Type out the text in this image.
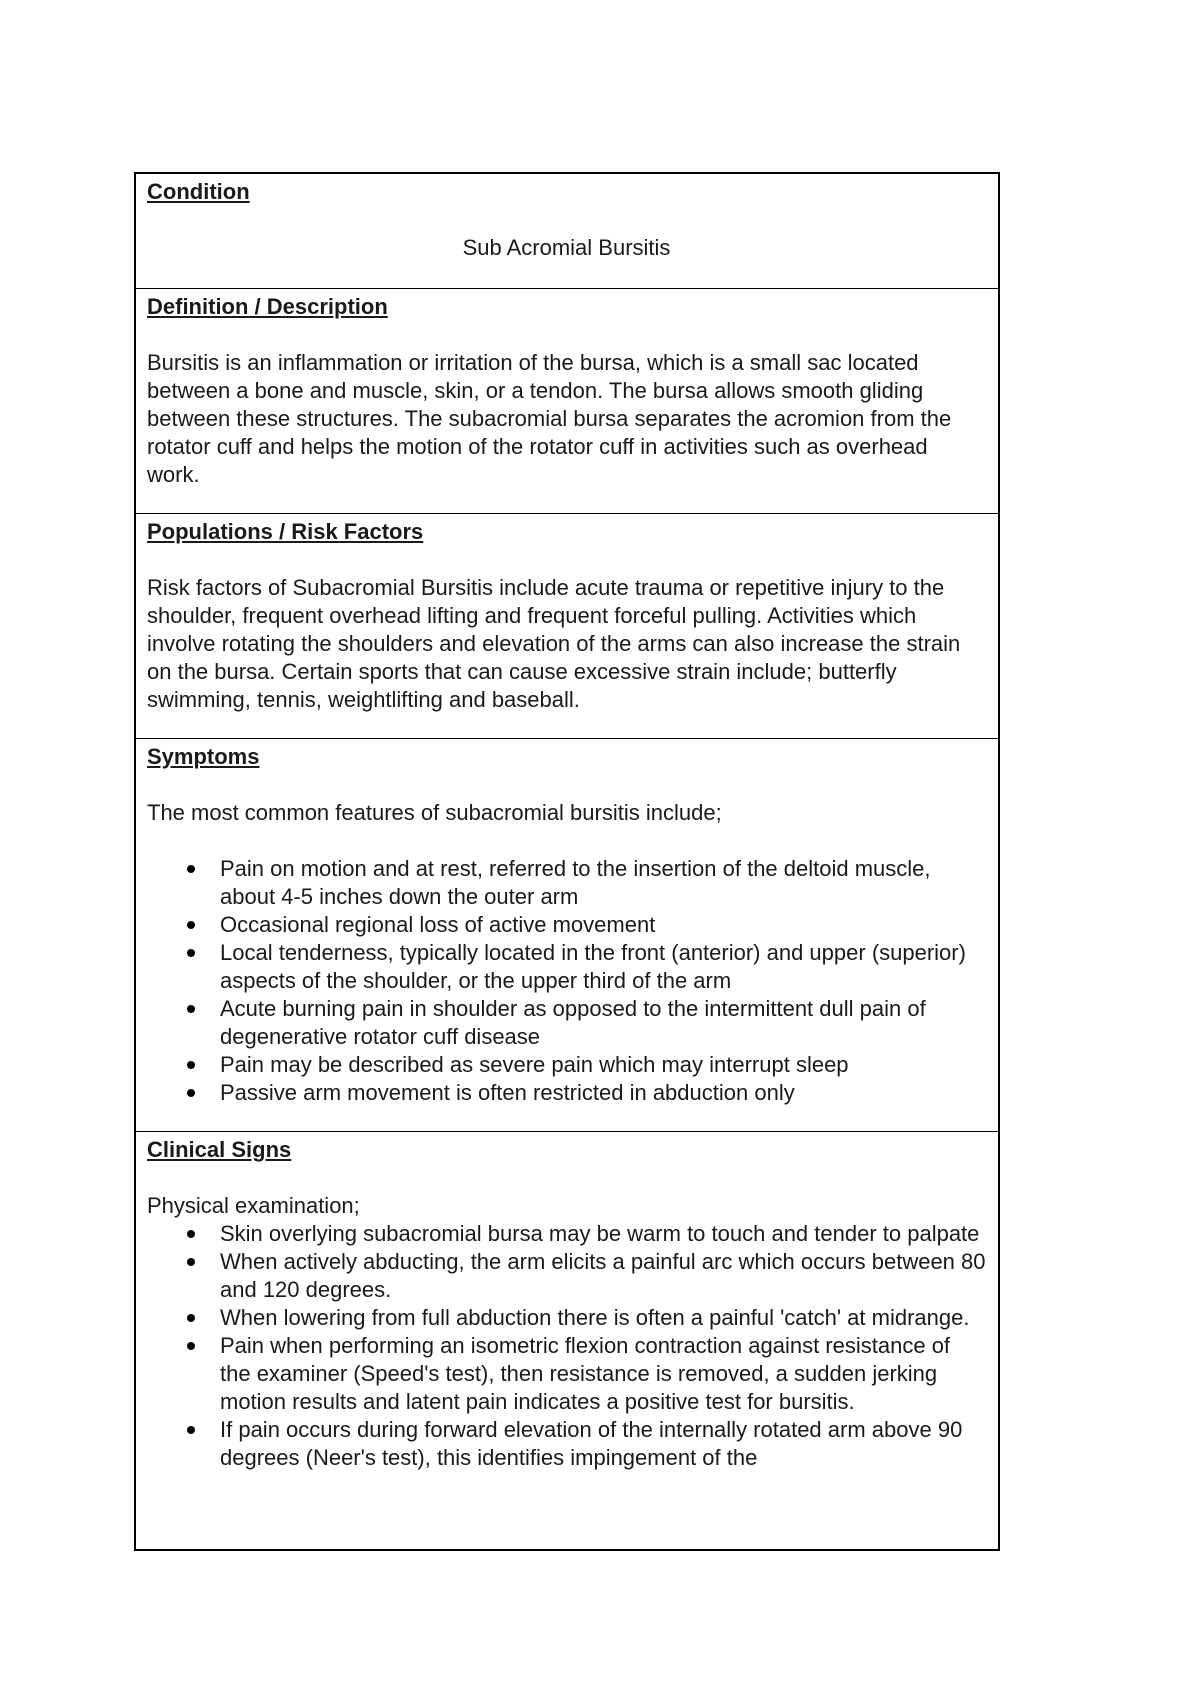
Condition

Sub Acromial Bursitis

Definition / Description

Bursitis is an inflammation or irritation of the bursa, which is a small sac located between a bone and muscle, skin, or a tendon. The bursa allows smooth gliding between these structures. The subacromial bursa separates the acromion from the rotator cuff and helps the motion of the rotator cuff in activities such as overhead work.

Populations / Risk Factors

Risk factors of Subacromial Bursitis include acute trauma or repetitive injury to the shoulder, frequent overhead lifting and frequent forceful pulling. Activities which involve rotating the shoulders and elevation of the arms can also increase the strain on the bursa. Certain sports that can cause excessive strain include; butterfly swimming, tennis, weightlifting and baseball.

Symptoms

The most common features of subacromial bursitis include;

Pain on motion and at rest, referred to the insertion of the deltoid muscle, about 4-5 inches down the outer arm
Occasional regional loss of active movement
Local tenderness, typically located in the front (anterior) and upper (superior) aspects of the shoulder, or the upper third of the arm
Acute burning pain in shoulder as opposed to the intermittent dull pain of degenerative rotator cuff disease
Pain may be described as severe pain which may interrupt sleep
Passive arm movement is often restricted in abduction only

Clinical Signs

Physical examination;

Skin overlying subacromial bursa may be warm to touch and tender to palpate
When actively abducting, the arm elicits a painful arc which occurs between 80 and 120 degrees.
When lowering from full abduction there is often a painful 'catch' at midrange.
Pain when performing an isometric flexion contraction against resistance of the examiner (Speed's test), then resistance is removed, a sudden jerking motion results and latent pain indicates a positive test for bursitis.
If pain occurs during forward elevation of the internally rotated arm above 90 degrees (Neer's test), this identifies impingement of the
